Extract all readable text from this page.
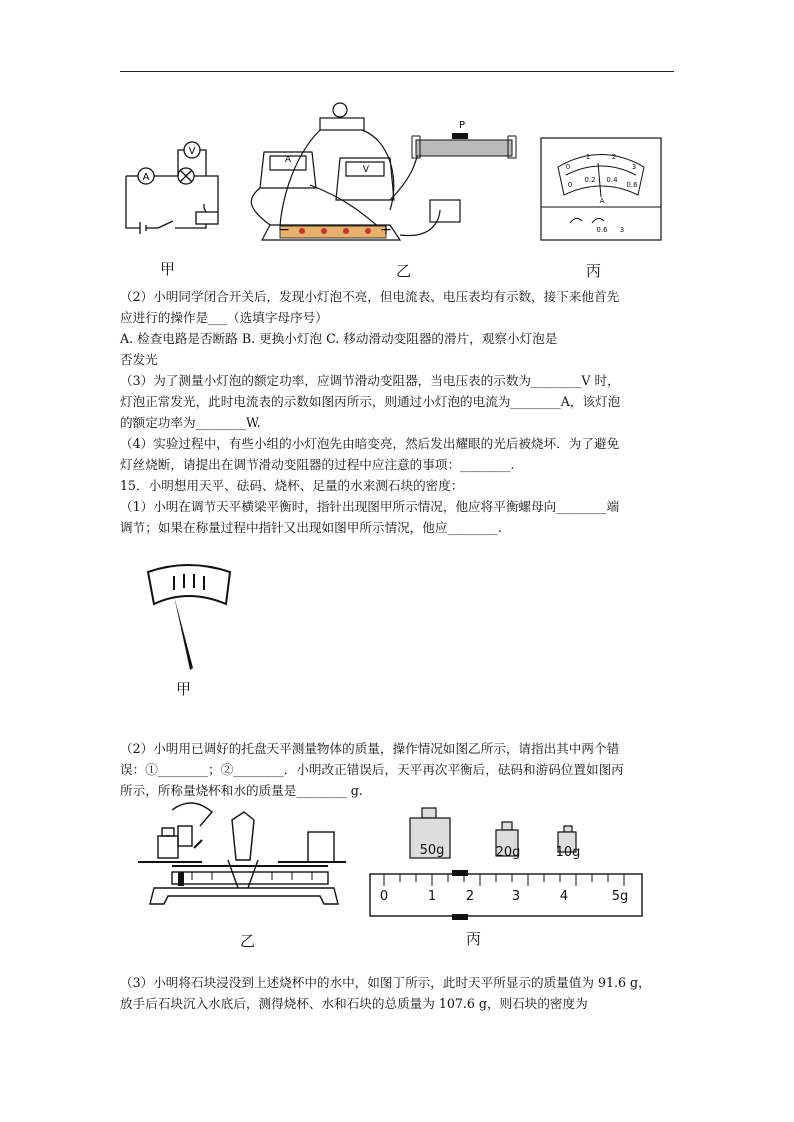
A
V
甲
A
V
−	+
P
乙
0
1	2
3
0
0.2 0.4
0.6
A
0.6 3
丙
（2）小明同学闭合开关后，发现小灯泡不亮，但电流表、电压表均有示数，接下来他首先
应进行的操作是___（选填字母序号）
A. 检查电路是否断路 B. 更换小灯泡 C. 移动滑动变阻器的滑片，观察小灯泡是
否发光
（3）为了测量小灯泡的额定功率，应调节滑动变阻器，当电压表的示数为________V 时，
灯泡正常发光，此时电流表的示数如图丙所示，则通过小灯泡的电流为________A，该灯泡
的额定功率为________W.
（4）实验过程中，有些小组的小灯泡先由暗变亮，然后发出耀眼的光后被烧坏．为了避免
灯丝烧断，请提出在调节滑动变阻器的过程中应注意的事项：________.
15．小明想用天平、砝码、烧杯、足量的水来测石块的密度：
（1）小明在调节天平横梁平衡时，指针出现图甲所示情况，他应将平衡螺母向________端
调节；如果在称量过程中指针又出现如图甲所示情况，他应________.
甲
（2）小明用已调好的托盘天平测量物体的质量，操作情况如图乙所示，请指出其中两个错
误：①________；②________．小明改正错误后，天平再次平衡后，砝码和游码位置如图丙
所示，所称量烧杯和水的质量是________ g.
乙
50g	20g	10g
0	1 2	3	4	5g
丙
（3）小明将石块浸没到上述烧杯中的水中，如图丁所示，此时天平所显示的质量值为 91.6 g，
放手后石块沉入水底后，测得烧杯、水和石块的总质量为 107.6 g，则石块的密度为
